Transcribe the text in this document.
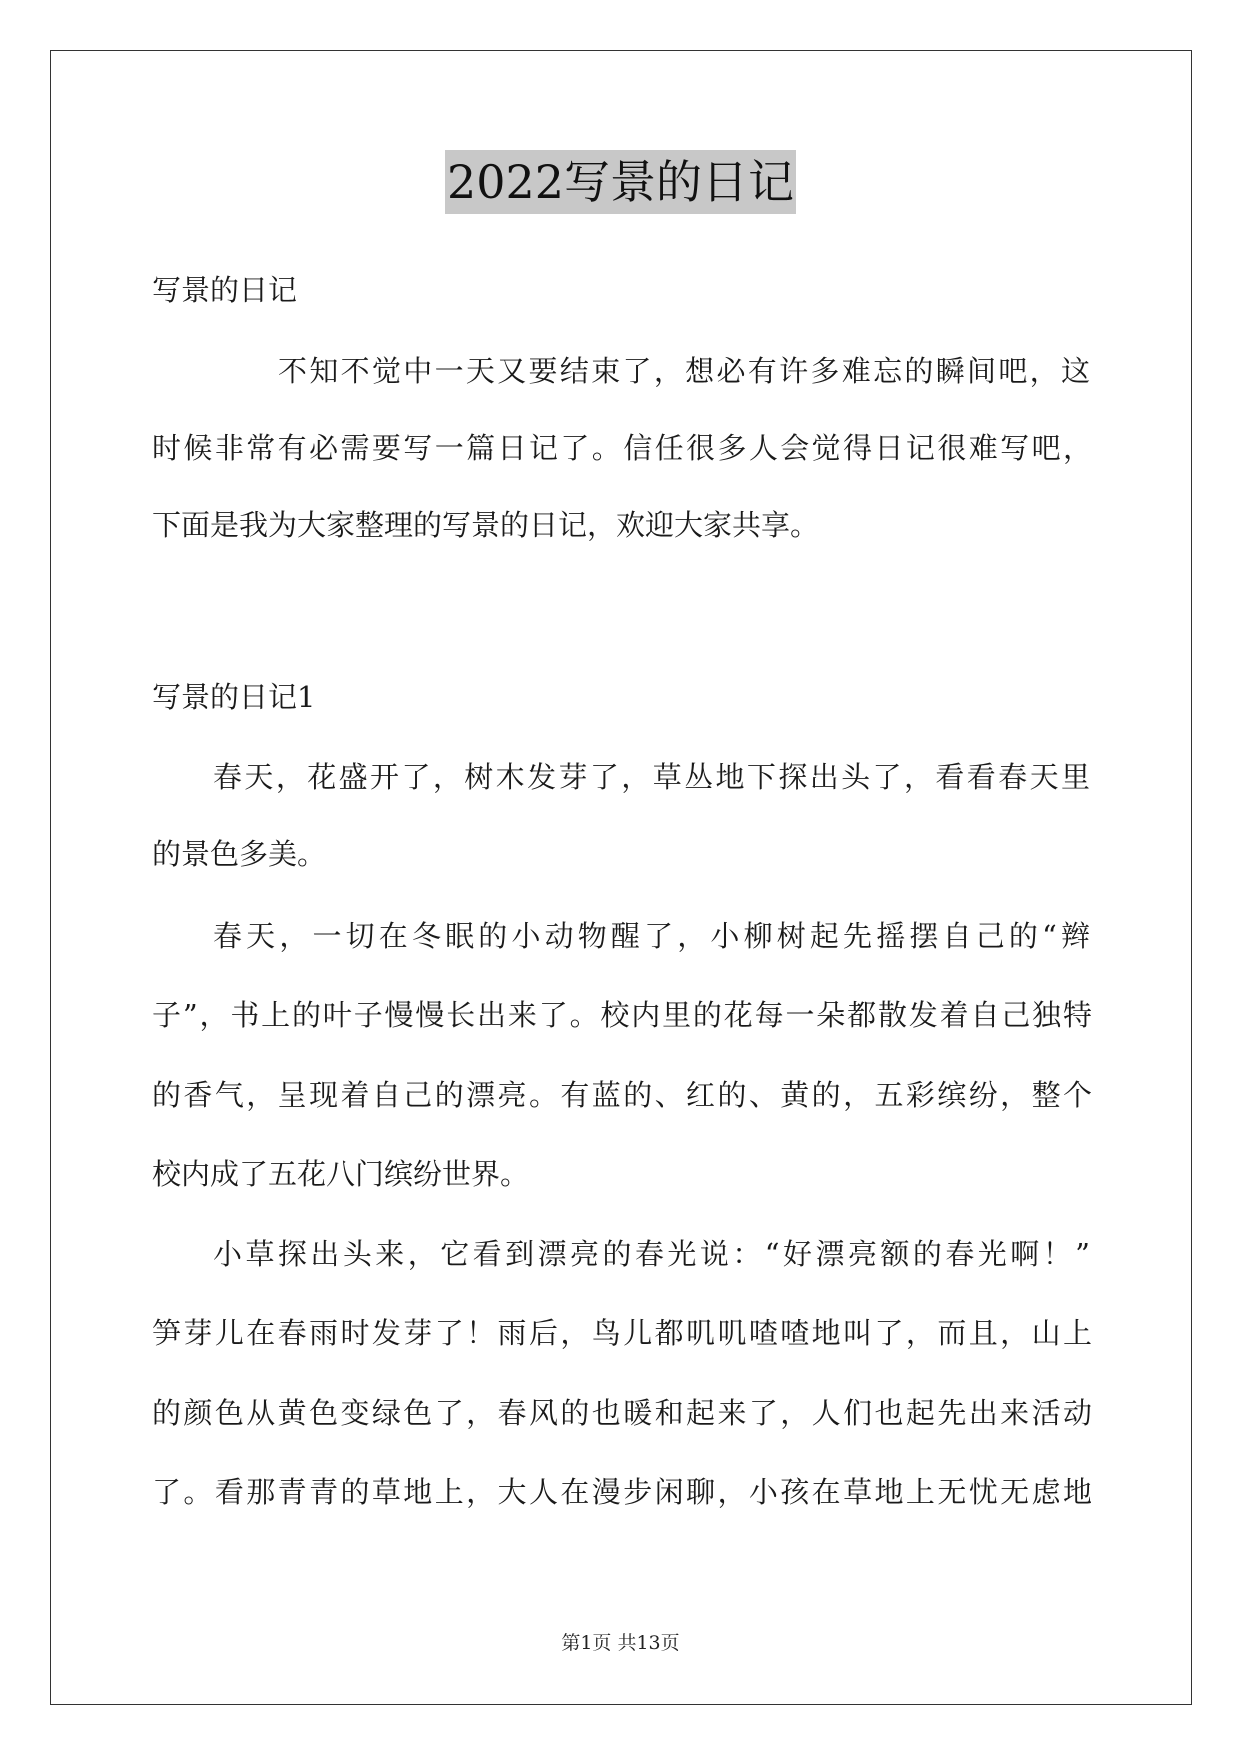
2022写景的日记
写景的日记
不知不觉中一天又要结束了，想必有许多难忘的瞬间吧，这
时候非常有必需要写一篇日记了。信任很多人会觉得日记很难写吧，
下面是我为大家整理的写景的日记，欢迎大家共享。
写景的日记1
春天，花盛开了，树木发芽了，草丛地下探出头了，看看春天里
的景色多美。
春天，一切在冬眠的小动物醒了，小柳树起先摇摆自己的“辫
子”，书上的叶子慢慢长出来了。校内里的花每一朵都散发着自己独特
的香气，呈现着自己的漂亮。有蓝的、红的、黄的，五彩缤纷，整个
校内成了五花八门缤纷世界。
小草探出头来，它看到漂亮的春光说：“好漂亮额的春光啊！”
笋芽儿在春雨时发芽了！雨后，鸟儿都叽叽喳喳地叫了，而且，山上
的颜色从黄色变绿色了，春风的也暖和起来了，人们也起先出来活动
了。看那青青的草地上，大人在漫步闲聊，小孩在草地上无忧无虑地
第1页 共13页
